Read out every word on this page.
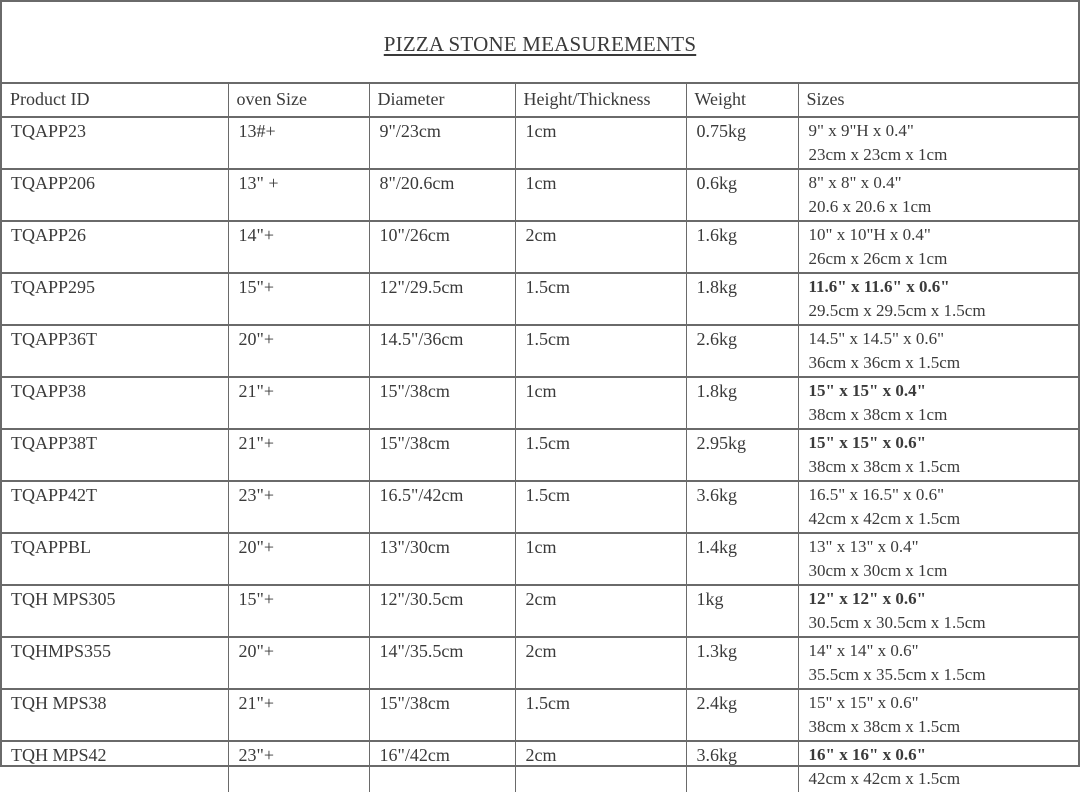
PIZZA STONE MEASUREMENTS
Product ID	oven Size	Diameter	Height/Thickness	Weight	Sizes
TQAPP23	13#+	9"/23cm	1cm	0.75kg	9" x 9"H x 0.4"
23cm x 23cm x 1cm

TQAPP206	13" +	8"/20.6cm	1cm	0.6kg	8" x 8" x 0.4"
20.6 x 20.6 x 1cm

TQAPP26	14"+	10"/26cm	2cm	1.6kg	10" x 10"H x 0.4"
26cm x 26cm x 1cm

TQAPP295	15"+	12"/29.5cm	1.5cm	1.8kg	11.6" x 11.6" x 0.6"
29.5cm x 29.5cm x 1.5cm

TQAPP36T	20"+	14.5"/36cm	1.5cm	2.6kg	14.5" x 14.5" x 0.6"
36cm x 36cm x 1.5cm

TQAPP38	21"+	15"/38cm	1cm	1.8kg	15" x 15" x 0.4"
38cm x 38cm x 1cm

TQAPP38T	21"+	15"/38cm	1.5cm	2.95kg	15" x 15" x 0.6"
38cm x 38cm x 1.5cm

TQAPP42T	23"+	16.5"/42cm	1.5cm	3.6kg	16.5" x 16.5" x 0.6"
42cm x 42cm x 1.5cm

TQAPPBL	20"+	13"/30cm	1cm	1.4kg	13" x 13" x 0.4"
30cm x 30cm x 1cm

TQH MPS305	15"+	12"/30.5cm	2cm	1kg	12" x 12" x 0.6"
30.5cm x 30.5cm x 1.5cm

TQHMPS355	20"+	14"/35.5cm	2cm	1.3kg	14" x 14" x 0.6"
35.5cm x 35.5cm x 1.5cm

TQH MPS38	21"+	15"/38cm	1.5cm	2.4kg	15" x 15" x 0.6"
38cm x 38cm x 1.5cm

TQH MPS42	23"+	16"/42cm	2cm	3.6kg	16" x 16" x 0.6"
42cm x 42cm x 1.5cm
